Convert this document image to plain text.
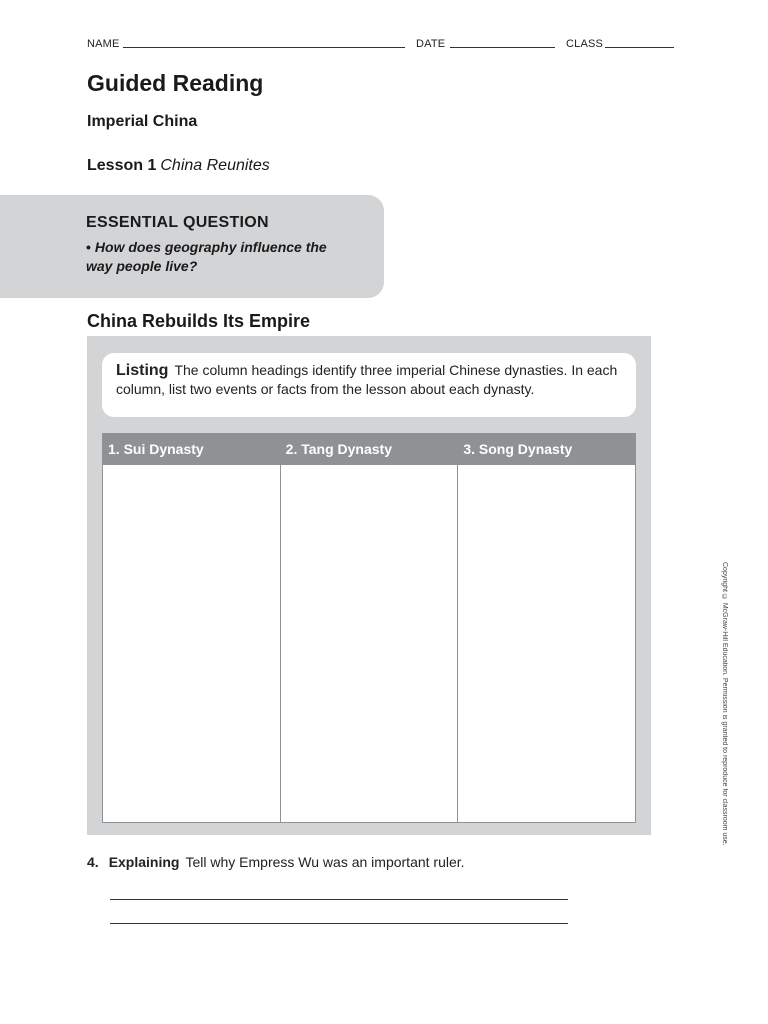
NAME	DATE	CLASS
Guided Reading
Imperial China
Lesson 1 China Reunites
ESSENTIAL QUESTION
• How does geography influence the way people live?
China Rebuilds Its Empire
Listing The column headings identify three imperial Chinese dynasties. In each column, list two events or facts from the lesson about each dynasty.
1. Sui Dynasty	2. Tang Dynasty	3. Song Dynasty
4. Explaining Tell why Empress Wu was an important ruler.
Copyright © McGraw-Hill Education. Permission is granted to reproduce for classroom use.
